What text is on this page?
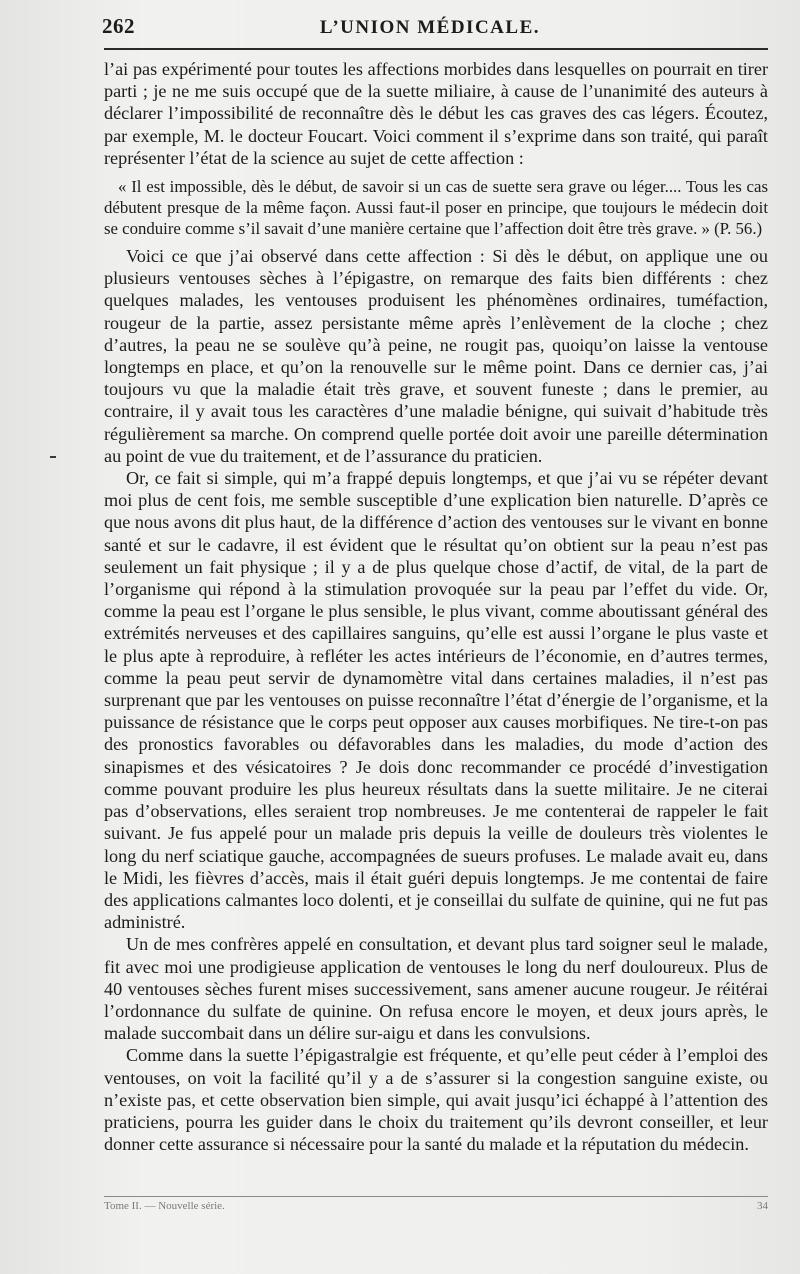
262	L’UNION MÉDICALE.

l’ai pas expérimenté pour toutes les affections morbides dans lesquelles on pourrait en tirer parti ; je ne me suis occupé que de la suette miliaire, à cause de l’unanimité des auteurs à déclarer l’impossibilité de reconnaître dès le début les cas graves des cas légers. Écoutez, par exemple, M. le docteur Foucart. Voici comment il s’exprime dans son traité, qui paraît représenter l’état de la science au sujet de cette affection :

« Il est impossible, dès le début, de savoir si un cas de suette sera grave ou léger.... Tous les cas débutent presque de la même façon. Aussi faut-il poser en principe, que toujours le médecin doit se conduire comme s’il savait d’une manière certaine que l’affection doit être très grave. » (P. 56.)

Voici ce que j’ai observé dans cette affection : Si dès le début, on applique une ou plusieurs ventouses sèches à l’épigastre, on remarque des faits bien différents : chez quelques malades, les ventouses produisent les phénomènes ordinaires, tuméfaction, rougeur de la partie, assez persistante même après l’enlèvement de la cloche ; chez d’autres, la peau ne se soulève qu’à peine, ne rougit pas, quoiqu’on laisse la ventouse longtemps en place, et qu’on la renouvelle sur le même point. Dans ce dernier cas, j’ai toujours vu que la maladie était très grave, et souvent funeste ; dans le premier, au contraire, il y avait tous les caractères d’une maladie bénigne, qui suivait d’habitude très régulièrement sa marche. On comprend quelle portée doit avoir une pareille détermination au point de vue du traitement, et de l’assurance du praticien.

Or, ce fait si simple, qui m’a frappé depuis longtemps, et que j’ai vu se répéter devant moi plus de cent fois, me semble susceptible d’une explication bien naturelle. D’après ce que nous avons dit plus haut, de la différence d’action des ventouses sur le vivant en bonne santé et sur le cadavre, il est évident que le résultat qu’on obtient sur la peau n’est pas seulement un fait physique ; il y a de plus quelque chose d’actif, de vital, de la part de l’organisme qui répond à la stimulation provoquée sur la peau par l’effet du vide. Or, comme la peau est l’organe le plus sensible, le plus vivant, comme aboutissant général des extrémités nerveuses et des capillaires sanguins, qu’elle est aussi l’organe le plus vaste et le plus apte à reproduire, à refléter les actes intérieurs de l’économie, en d’autres termes, comme la peau peut servir de dynamomètre vital dans certaines maladies, il n’est pas surprenant que par les ventouses on puisse reconnaître l’état d’énergie de l’organisme, et la puissance de résistance que le corps peut opposer aux causes morbifiques. Ne tire-t-on pas des pronostics favorables ou défavorables dans les maladies, du mode d’action des sinapismes et des vésicatoires ? Je dois donc recommander ce procédé d’investigation comme pouvant produire les plus heureux résultats dans la suette militaire. Je ne citerai pas d’observations, elles seraient trop nombreuses. Je me contenterai de rappeler le fait suivant. Je fus appelé pour un malade pris depuis la veille de douleurs très violentes le long du nerf sciatique gauche, accompagnées de sueurs profuses. Le malade avait eu, dans le Midi, les fièvres d’accès, mais il était guéri depuis longtemps. Je me contentai de faire des applications calmantes loco dolenti, et je conseillai du sulfate de quinine, qui ne fut pas administré.

Un de mes confrères appelé en consultation, et devant plus tard soigner seul le malade, fit avec moi une prodigieuse application de ventouses le long du nerf douloureux. Plus de 40 ventouses sèches furent mises successivement, sans amener aucune rougeur. Je réitérai l’ordonnance du sulfate de quinine. On refusa encore le moyen, et deux jours après, le malade succombait dans un délire sur-aigu et dans les convulsions.

Comme dans la suette l’épigastralgie est fréquente, et qu’elle peut céder à l’emploi des ventouses, on voit la facilité qu’il y a de s’assurer si la congestion sanguine existe, ou n’existe pas, et cette observation bien simple, qui avait jusqu’ici échappé à l’attention des praticiens, pourra les guider dans le choix du traitement qu’ils devront conseiller, et leur donner cette assurance si nécessaire pour la santé du malade et la réputation du médecin.

Tome II. — Nouvelle série.	34
